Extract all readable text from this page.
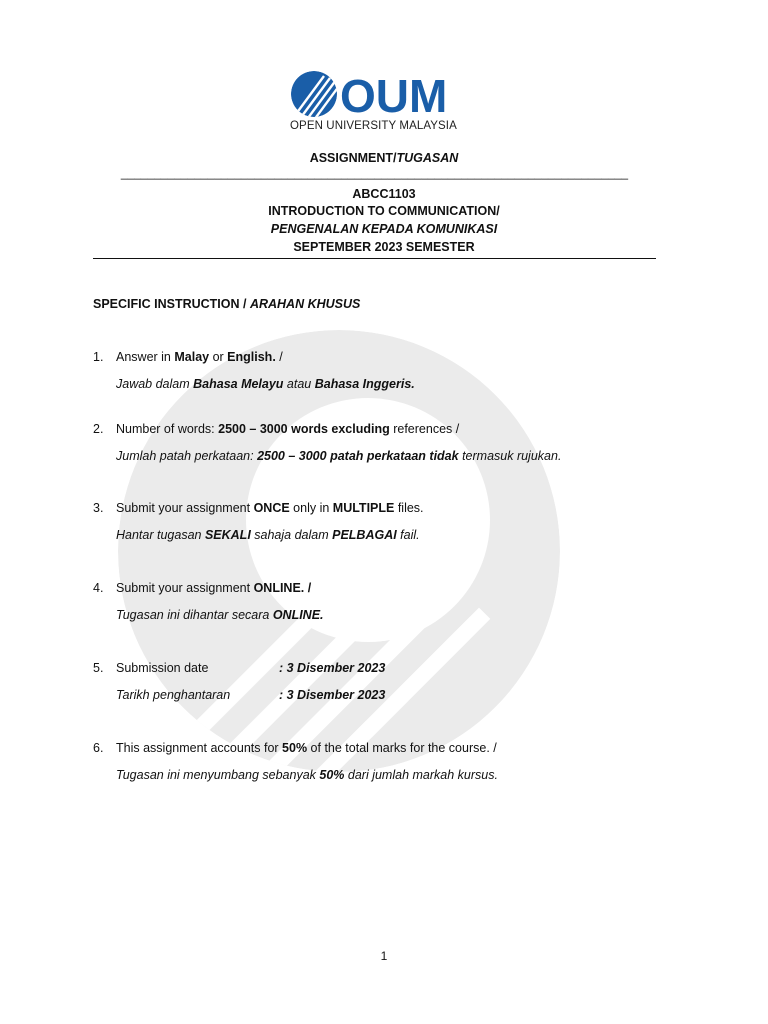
OUM
OPEN UNIVERSITY MALAYSIA
ASSIGNMENT/TUGASAN
____________________________________________________________________________
ABCC1103
INTRODUCTION TO COMMUNICATION/
PENGENALAN KEPADA KOMUNIKASI
SEPTEMBER 2023 SEMESTER
SPECIFIC INSTRUCTION / ARAHAN KHUSUS
1. Answer in Malay or English. /
Jawab dalam Bahasa Melayu atau Bahasa Inggeris.
2. Number of words: 2500 – 3000 words excluding references /
Jumlah patah perkataan: 2500 – 3000 patah perkataan tidak termasuk rujukan.
3. Submit your assignment ONCE only in MULTIPLE files.
Hantar tugasan SEKALI sahaja dalam PELBAGAI fail.
4. Submit your assignment ONLINE. /
Tugasan ini dihantar secara ONLINE.
5. Submission date	: 3 Disember 2023
Tarikh penghantaran	: 3 Disember 2023
6. This assignment accounts for 50% of the total marks for the course. /
Tugasan ini menyumbang sebanyak 50% dari jumlah markah kursus.
1
